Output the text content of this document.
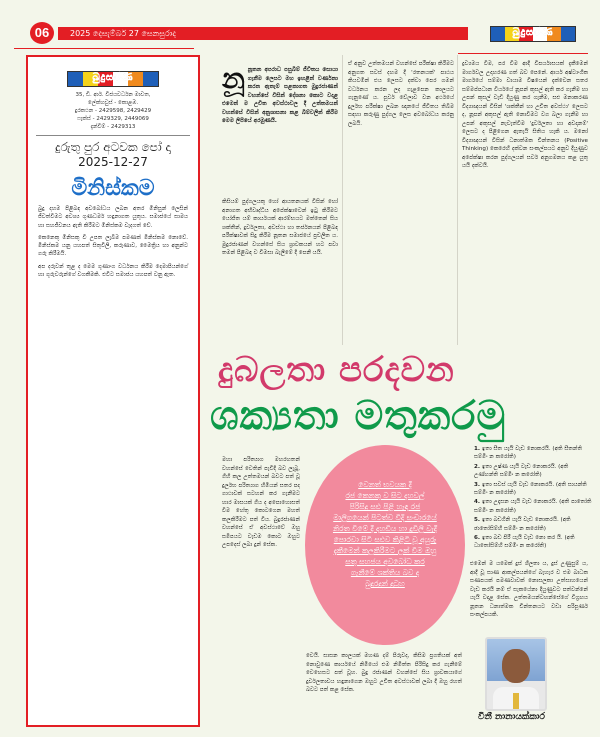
06	2025 දෙසැම්බර් 27 සෙනසුරාද	බුදුසරණ
බුදුසරණ
35, ඩී. ආර්. විජයවර්ධන මාවත,
ලේක්හවුස් - කොළඹ.
දුරකථන - 2429598, 2429429
ෆැක්ස් - 2429329, 2449069
දැන්වීම් - 2429313
දුරුතු පුර අටවක පෝ දා
2025-12-27
මිනිස්කම

බුදු දහම පිළිබඳ අවබෝධය ලබන අතර මිනිසුන් ලෙසින් ජීවත්වීමට අවශ්‍ය ගුණධර්ම හඳුනාගත යුතුය. සමාජයේ සාමය හා සහජීවනය ඇති කිරීමට මිනිස්කම වැදගත් වේ.

කෙනෙකු මිනිසකු වී උපත ලැබීම පමණක් මිනිස්කම නොවේ. මිනිස්කම යනු යහපත් සිතුවිලි, කරුණාව, මෛත්‍රිය හා අනුන්ට ගරු කිරීමයි.

අප දරුවන් තුළ ද මෙම ගුණාංග වර්ධනය කිරීම දෙමාපියන්ගේ හා ගුරුවරුන්ගේ වගකීමකි. එවිට සමාජය යහපත් වනු ඇත.

නූනූතන අපරාධ පසුබිම් ජීවිතය සොයා ගැනීම ලෙසට මහ ඉහළින් වර්ණනා කරන ඇතැම් සළකාගත මුදුරජාණන් වහන්සේ විසින් දේශනා කොට වදාළ එමෙන් ම උචිත අවස්ථාවල දී උත්තමයන් වහන්සේ විසින් අනුශාසනා කළ බිම්වලින් කිරීම මෙම ලිපියේ අරමුණයි.
කිසියම් පුද්ගලයකු හෝ ආයතනයක් විසින් හෝ අනාගත අභිවෘද්ධිය අපේක්ෂාවෙන් ඉටු කිරීමට යෝජිත යම් කාර්යයක් ආරම්භයට මත්තෙන් සිය ශක්තීන්, දුර්වලතා, අවස්ථා හා තර්ජනයන් පිළිබඳ පරීක්ෂාවක් සිදු කිරීම නූතන සමාජයේ ප්‍රචලිත ය. මුදුරජාණන් වහන්සේ සිය ශ්‍රාවකයන් හට පවා තමන් පිළිබඳ ව විමසා බැලීමේ දී පෙනී යයි.
ඒ අනුව උත්තමයන් වහන්සේ පරීක්ෂා කිරීමට අනුගත සවස් දහම දී 'රතනයක්' පාඨය කියවමින් එය ලෙසට දක්වා පෙර ගමන් වර්ධනය කරන ලද ගැළපෙන කාලයට ගැනුණේ ය. පූර්ව වේලාව වන අර්ථයේ දුර්ලභ පරීක්ෂා ලබන ඥානයේ ජීවිතය තිබීම සඳහා කරුණු පුද්ගල ලෙස අවබෝධය කරනු ලබයි.
ද්‍රව්‍යමය වීම, පර වීම ආදී විපර්යාසයක් දැකීමෙන් මාර්ගවල උදාහරණ ගත් බව පෙනේ. ආර්ය අෂ්ටාංගික මාර්ගයේ සම්මා වායාම විෂයෙන් දැක්වෙන සතර සම්මප්පධාන වීර්යයේ නූපන් කුසල් ඇති කර ගැනීම හා උපන් කුසල් වැඩී දියුණු කර ගැනීම, සළු මනාකරණ විද්‍යාඥයන් විසින් 'ශක්තීන් හා උචිත අවස්ථා' ලෙසට ද, නූපන් අකුසල් ඇති නොවීමට වග බලා ගැනීම හා උපන් අකුසල් නැවැත්වීම 'දුර්වලතා හා අවදානම්' ලෙසට ද පිළිගෙන ඇතැයි සිතිය හැකි ය. මනෝ විද්‍යාඥයන් විසින් ධනාත්මක චින්තනය (Positive Thinking) කෙරෙහි දක්වන සංකල්පයට අනුව දියුණුව අපේක්ෂා කරන පුද්ගලයන් සර්ව අනුගමනය කළ යුතු යයි දක්වයි.
දුබලතා පරදවන
ශක්‍යතා මතුකරමු
මහා පරිත්‍යාග මහරහතන් වහන්සේ වෙතින් පැවිදි බව ලැබූ, ගිහි කල උත්තමයන් බවට පත් වූ දුර්ලභ පරිත්‍යාග හිමියන් සතර පද ගාථාවක් සටහන් කර ගැනීමට හාර මාසයක් ගිය ද අපොහොසත් වීම හේතු කොටගෙන මහත් කලකිරීමට පත් විය. බුදුරජාණන් වහන්සේ ඒ අවස්ථාවේ ඔහු සමීපයට වැඩම කොට ඔහුට උපදෙස් ලබා දුන් සේක.
වෙනත් භවයක දී
රජ කෙනකු ව සිට දහවල්
පිරිසිදු සළු පිළි හැඳ රජ
මාලිගයෙන් පිටත්ව විදි සංචාරයේ
නිරත වීමේ දී දහඩිය හා දූවිලි වැදී
පොරවා සිටි සළුව කිළිටි වූ අයුරු
දැකීමෙන් කලකිරීමට ලක් වීම ඔහු
සතු සහජය අවබෝධ කර
ගැනීමේ ශක්තිය බව ද
බුදුරදුන් දුටුහ
වෙයි. සාසන කාලයක් මහණ දම් පිරුවද, කිසිම ප්‍රගතියක් අත් නොවුණෙ කාර්යයේ නිමියෝ එම නිමිත්ත පිරිසිදු කර ගැනීමේ වෙහෙසට පත් වූහ. බුදු රජාණන් වහන්සේ සිය ශ්‍රාවකයාගේ දුර්වලතාවය හඳුනාගෙන ඔහුට උචිත අවස්ථාවක් ලබා දී ඔහු රහත් බවට පත් කළ සේක.
1. ඉතා සීත යැයි වැඩ නොකරයි. (අති සීතන්ති සම්මිං න කරෝති)
2. ඉතා උෂ්ණ යැයි වැඩ නොකරයි. (අති උණ්හන්ති සම්මිං න කරෝති)
3. ඉතා සවස් යැයි වැඩ නොකරයි. (අති සායන්ති සම්මිං න කරෝති)
4. ඉතා උදෑසන යැයි වැඩ නොකරයි. (අති පාතෝති සම්මිං න කරෝති)
5. ඉතා බඩගිනි යැයි වැඩ නොකරයි. (අති ඡාතෝසිම්හි සම්මිං න කරෝති)
6. ඉතා බඩ පිරී යැයි වැඩ නො කර යි. (අති ධාතෝසිම්හි සම්මිං න කරෝති)
එමෙන් ම යමෙක් දුස් ශීලතා ය, දුස් උණුසුම් ය, ආදී වූ සාණ ආකල්පයන්ගේ බැහැර ව එම බාධක සණපයක් පමණවාවක් නොසලකා උත්සාහයෙන් වැඩ කරයි නම් ඒ සැකයේනා දියුණුවට පත්වන්නේ යැයි වදාළ සේක. උත්තමයන්වහන්සේගේ විග්‍රහය නූතන ධනාත්මක චින්තනයට වඩා පරිපූර්ණ සංකල්පයකි.
වීනී නානායක්කාර
